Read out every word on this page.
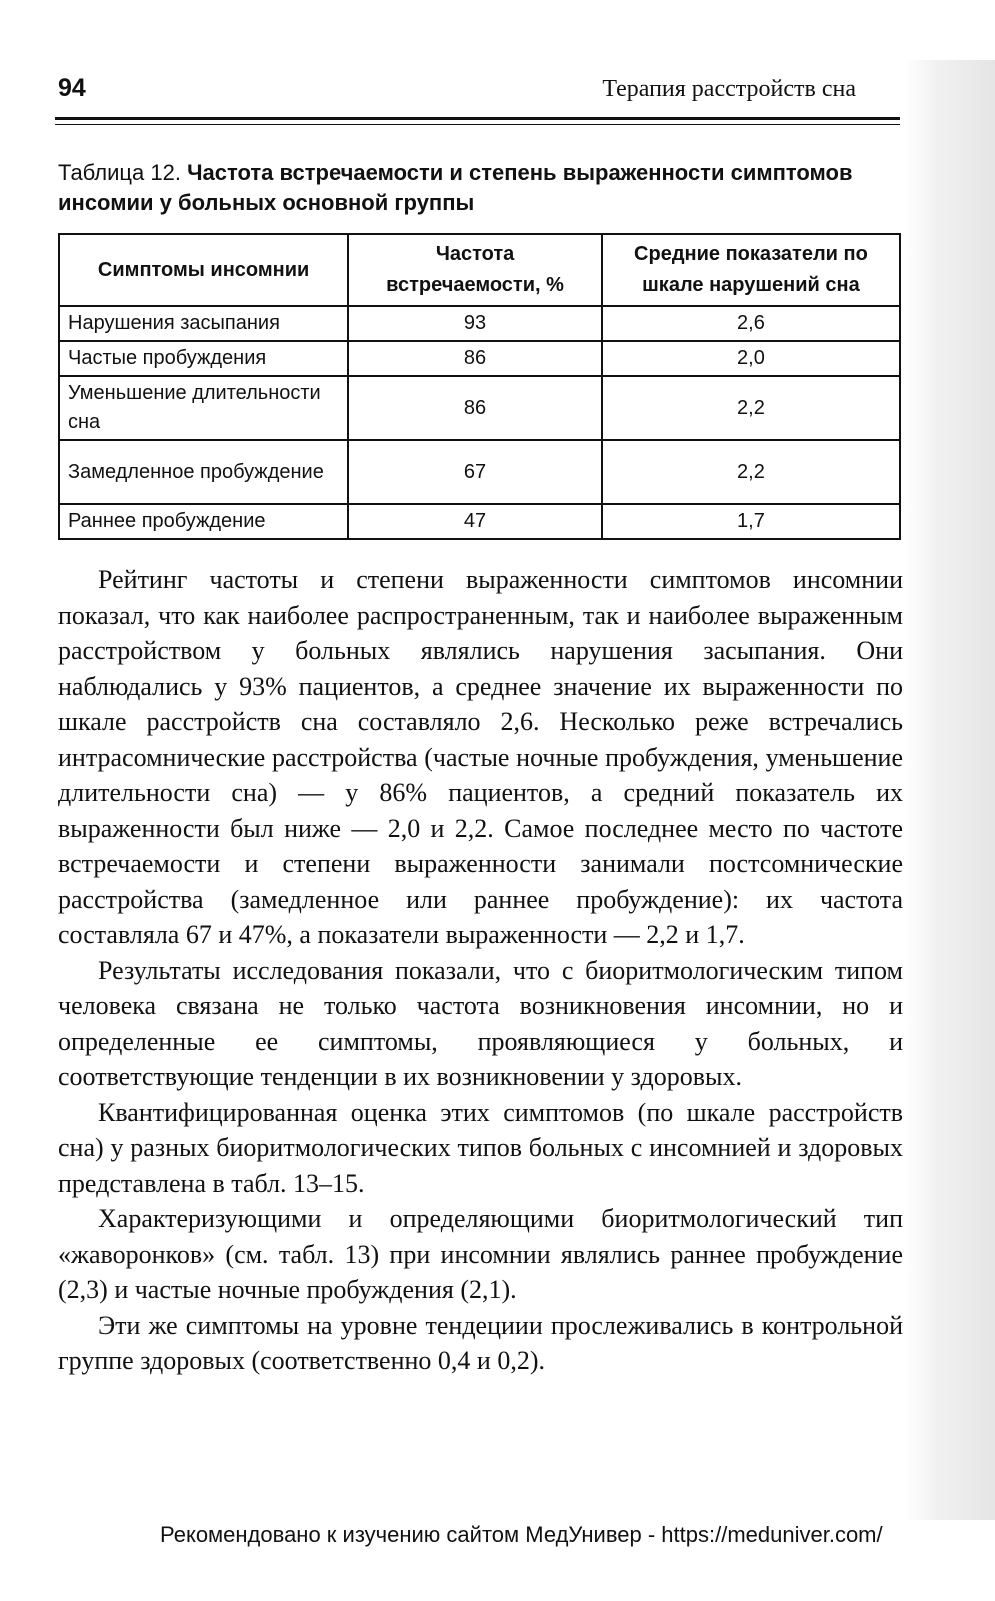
94	Терапия расстройств сна
Таблица 12. Частота встречаемости и степень выраженности симптомов инсомии у больных основной группы
Симптомы инсомнии	Частота встречаемости, %	Средние показатели по шкале нарушений сна
Нарушения засыпания	93	2,6
Частые пробуждения	86	2,0
Уменьшение длительности сна	86	2,2
Замедленное пробуждение	67	2,2
Раннее пробуждение	47	1,7

Рейтинг частоты и степени выраженности симптомов инсомнии показал, что как наиболее распространенным, так и наиболее выраженным расстройством у больных являлись нарушения засыпания. Они наблюдались у 93% пациентов, а среднее значение их выраженности по шкале расстройств сна составляло 2,6. Несколько реже встречались интрасомнические расстройства (частые ночные пробуждения, уменьшение длительности сна) — у 86% пациентов, а средний показатель их выраженности был ниже — 2,0 и 2,2. Самое последнее место по частоте встречаемости и степени выраженности занимали постсомнические расстройства (замедленное или раннее пробуждение): их частота составляла 67 и 47%, а показатели выраженности — 2,2 и 1,7.

Результаты исследования показали, что с биоритмологическим типом человека связана не только частота возникновения инсомнии, но и определенные ее симптомы, проявляющиеся у больных, и соответствующие тенденции в их возникновении у здоровых.

Квантифицированная оценка этих симптомов (по шкале расстройств сна) у разных биоритмологических типов больных с инсомнией и здоровых представлена в табл. 13–15.

Характеризующими и определяющими биоритмологический тип «жаворонков» (см. табл. 13) при инсомнии являлись раннее пробуждение (2,3) и частые ночные пробуждения (2,1).

Эти же симптомы на уровне тендециии прослеживались в контрольной группе здоровых (соответственно 0,4 и 0,2).

Рекомендовано к изучению сайтом МедУнивер - https://meduniver.com/
